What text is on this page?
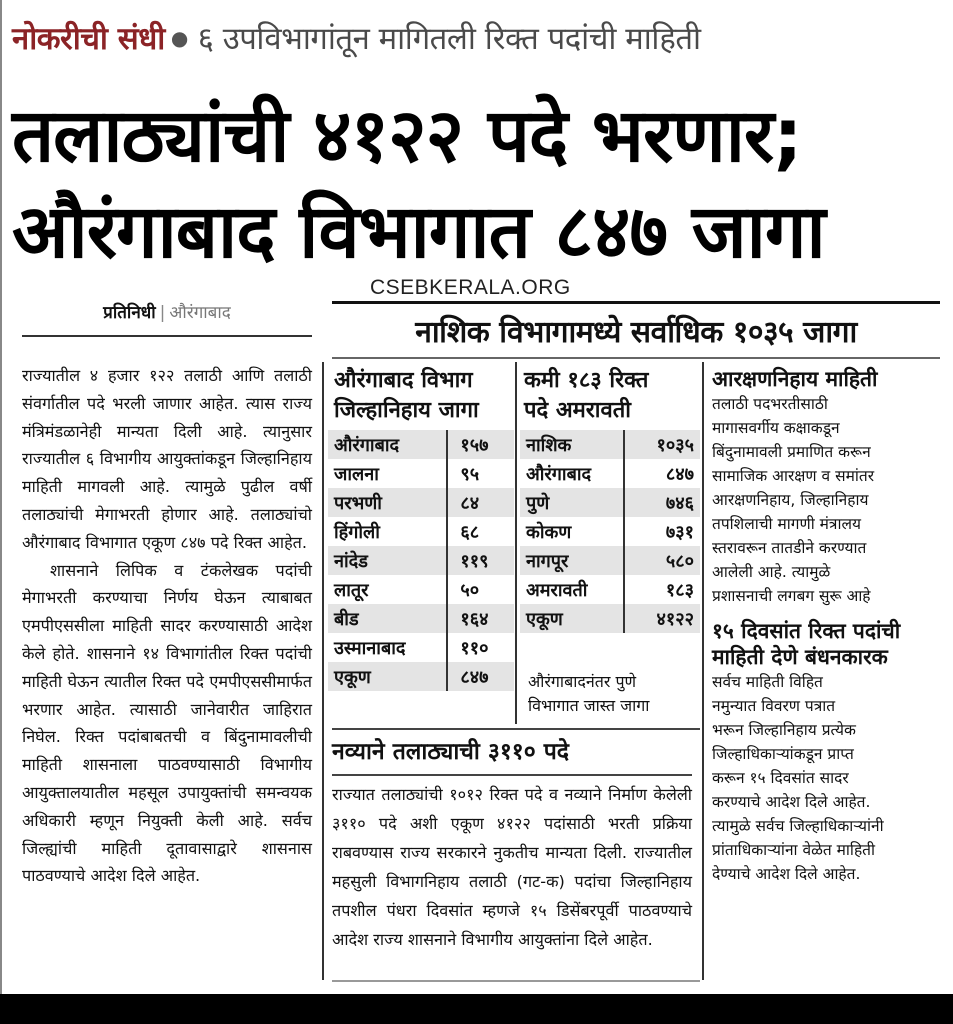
नोकरीची संधी ● ६ उपविभागांतून मागितली रिक्त पदांची माहिती
तलाठ्यांची ४१२२ पदे भरणार;
औरंगाबाद विभागात ८४७ जागा
CSEBKERALA.ORG
प्रतिनिधी | औरंगाबाद
नाशिक विभागामध्ये सर्वाधिक १०३५ जागा

राज्यातील ४ हजार १२२ तलाठी आणि तलाठी संवर्गातील पदे भरली जाणार आहेत. त्यास राज्य मंत्रिमंडळानेही मान्यता दिली आहे. त्यानुसार राज्यातील ६ विभागीय आयुक्तांकडून जिल्हानिहाय माहिती मागवली आहे. त्यामुळे पुढील वर्षी तलाठ्यांची मेगाभरती होणार आहे. तलाठ्यांचो औरंगाबाद विभागात एकूण ८४७ पदे रिक्त आहेत.

शासनाने लिपिक व टंकलेखक पदांची मेगाभरती करण्याचा निर्णय घेऊन त्याबाबत एमपीएससीला माहिती सादर करण्यासाठी आदेश केले होते. शासनाने १४ विभागांतील रिक्त पदांची माहिती घेऊन त्यातील रिक्त पदे एमपीएससीमार्फत भरणार आहेत. त्यासाठी जानेवारीत जाहिरात निघेल. रिक्त पदांबाबतची व बिंदुनामावलीची माहिती शासनाला पाठवण्यासाठी विभागीय आयुक्तालयातील महसूल उपायुक्तांची समन्वयक अधिकारी म्हणून नियुक्ती केली आहे. सर्वच जिल्ह्यांची माहिती दूतावासाद्वारे शासनास पाठवण्याचे आदेश दिले आहेत.

औरंगाबाद विभाग
जिल्हानिहाय जागा
औरंगाबाद	१५७
जालना	९५
परभणी	८४
हिंगोली	६८
नांदेड	११९
लातूर	५०
बीड	१६४
उस्मानाबाद	११०
एकूण	८४७
कमी १८३ रिक्त
पदे अमरावती
नाशिक	१०३५
औरंगाबाद	८४७
पुणे	७४६
कोकण	७३१
नागपूर	५८०
अमरावती	१८३
एकूण	४१२२
औरंगाबादनंतर पुणे
विभागात जास्त जागा
नव्याने तलाठ्याची ३११० पदे
राज्यात तलाठ्यांची १०१२ रिक्त पदे व नव्याने निर्माण केलेली ३११० पदे अशी एकूण ४१२२ पदांसाठी भरती प्रक्रिया राबवण्यास राज्य सरकारने नुकतीच मान्यता दिली. राज्यातील महसुली विभागनिहाय तलाठी (गट-क) पदांचा जिल्हानिहाय तपशील पंधरा दिवसांत म्हणजे १५ डिसेंबरपूर्वी पाठवण्याचे आदेश राज्य शासनाने विभागीय आयुक्तांना दिले आहेत.
आरक्षणनिहाय माहिती

तलाठी पदभरतीसाठी

मागासवर्गीय कक्षाकडून

बिंदुनामावली प्रमाणित करून

सामाजिक आरक्षण व समांतर

आरक्षणनिहाय, जिल्हानिहाय

तपशिलाची मागणी मंत्रालय

स्तरावरून तातडीने करण्यात

आलेली आहे. त्यामुळे

प्रशासनाची लगबग सुरू आहे

१५ दिवसांत रिक्त पदांची
माहिती देणे बंधनकारक

सर्वच माहिती विहित

नमुन्यात विवरण पत्रात

भरून जिल्हानिहाय प्रत्येक

जिल्हाधिकाऱ्यांकडून प्राप्त

करून १५ दिवसांत सादर

करण्याचे आदेश दिले आहेत.

त्यामुळे सर्वच जिल्हाधिकाऱ्यांनी

प्रांताधिकाऱ्यांना वेळेत माहिती

देण्याचे आदेश दिले आहेत.
